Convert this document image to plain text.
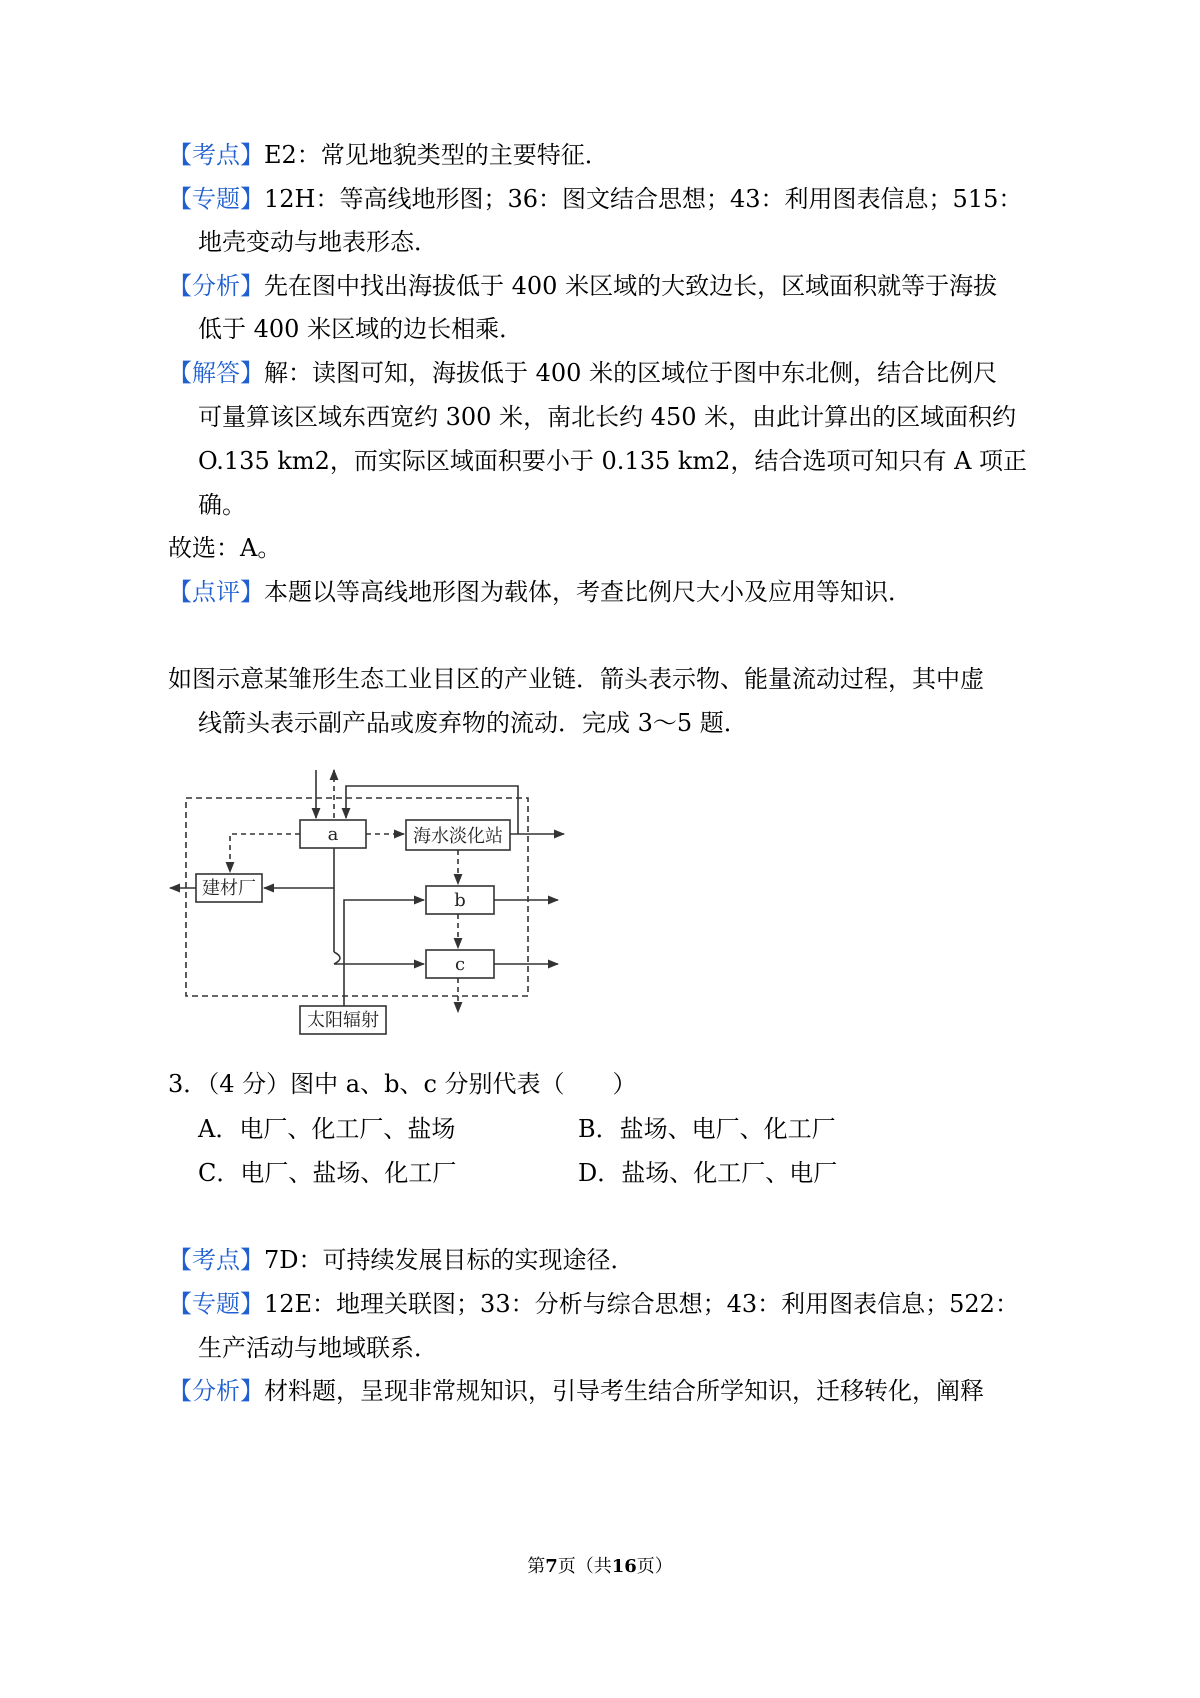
【考点】E2：常见地貌类型的主要特征．
【专题】12H：等高线地形图；36：图文结合思想；43：利用图表信息；515：
地壳变动与地表形态．
【分析】先在图中找出海拔低于 400 米区域的大致边长，区域面积就等于海拔
低于 400 米区域的边长相乘．
【解答】解：读图可知，海拔低于 400 米的区域位于图中东北侧，结合比例尺
可量算该区域东西宽约 300 米，南北长约 450 米，由此计算出的区域面积约
O.135 km2，而实际区域面积要小于 0.135 km2，结合选项可知只有 A 项正
确。
故选：A。
【点评】本题以等高线地形图为载体，考查比例尺大小及应用等知识．
如图示意某雏形生态工业目区的产业链．箭头表示物、能量流动过程，其中虚
线箭头表示副产品或废弃物的流动．完成 3～5 题．
a	海水淡化站
建材厂
b
c
太阳辐射
3．（4 分）图中 a、b、c 分别代表（　　）
A．电厂、化工厂、盐场	B．盐场、电厂、化工厂
C．电厂、盐场、化工厂	D．盐场、化工厂、电厂
【考点】7D：可持续发展目标的实现途径．
【专题】12E：地理关联图；33：分析与综合思想；43：利用图表信息；522：
生产活动与地域联系．
【分析】材料题，呈现非常规知识，引导考生结合所学知识，迁移转化，阐释
第7页（共16页）
